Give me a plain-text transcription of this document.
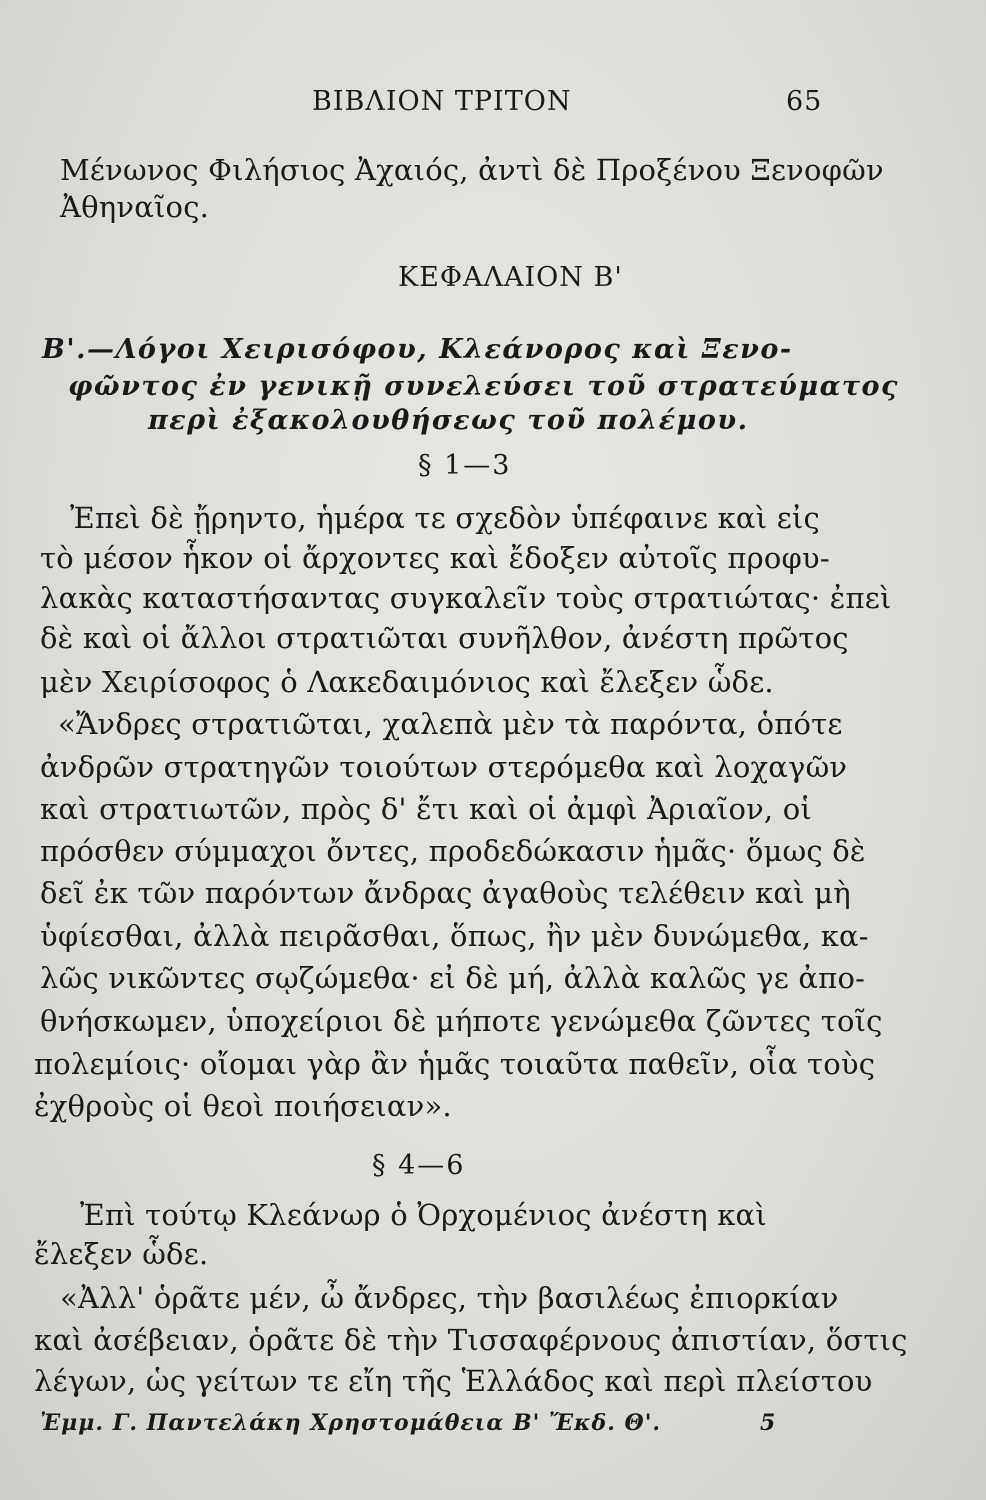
ΒΙΒΛΙΟΝ ΤΡΙΤΟΝ	65
Μένωνος Φιλήσιος Ἀχαιός, ἀντὶ δὲ Προξένου Ξενοφῶν
Ἀθηναῖος.
ΚΕΦΑΛΑΙΟΝ Β'
Β'.—Λόγοι Χειρισόφου, Κλεάνορος καὶ Ξενο-
φῶντος ἐν γενικῇ συνελεύσει τοῦ στρατεύματος
περὶ ἐξακολουθήσεως τοῦ πολέμου.
§ 1—3
Ἐπεὶ δὲ ᾔρηντο, ἡμέρα τε σχεδὸν ὑπέφαινε καὶ εἰς
τὸ μέσον ἧκον οἱ ἄρχοντες καὶ ἔδοξεν αὐτοῖς προφυ-
λακὰς καταστήσαντας συγκαλεῖν τοὺς στρατιώτας· ἐπεὶ
δὲ καὶ οἱ ἄλλοι στρατιῶται συνῆλθον, ἀνέστη πρῶτος
μὲν Χειρίσοφος ὁ Λακεδαιμόνιος καὶ ἔλεξεν ὧδε.
«Ἄνδρες στρατιῶται, χαλεπὰ μὲν τὰ παρόντα, ὁπότε
ἀνδρῶν στρατηγῶν τοιούτων στερόμεθα καὶ λοχαγῶν
καὶ στρατιωτῶν, πρὸς δ' ἔτι καὶ οἱ ἀμφὶ Ἀριαῖον, οἱ
πρόσθεν σύμμαχοι ὄντες, προδεδώκασιν ἡμᾶς· ὅμως δὲ
δεῖ ἐκ τῶν παρόντων ἄνδρας ἀγαθοὺς τελέθειν καὶ μὴ
ὑφίεσθαι, ἀλλὰ πειρᾶσθαι, ὅπως, ἢν μὲν δυνώμεθα, κα-
λῶς νικῶντες σῳζώμεθα· εἰ δὲ μή, ἀλλὰ καλῶς γε ἀπο-
θνήσκωμεν, ὑποχείριοι δὲ μήποτε γενώμεθα ζῶντες τοῖς
πολεμίοις· οἴομαι γὰρ ἂν ἡμᾶς τοιαῦτα παθεῖν, οἷα τοὺς
ἐχθροὺς οἱ θεοὶ ποιήσειαν».
§ 4—6
Ἐπὶ τούτῳ Κλεάνωρ ὁ Ὀρχομένιος ἀνέστη καὶ
ἔλεξεν ὧδε.
«Ἀλλ' ὁρᾶτε μέν, ὦ ἄνδρες, τὴν βασιλέως ἐπιορκίαν
καὶ ἀσέβειαν, ὁρᾶτε δὲ τὴν Τισσαφέρνους ἀπιστίαν, ὅστις
λέγων, ὡς γείτων τε εἴη τῆς Ἑλλάδος καὶ περὶ πλείστου
Ἐμμ. Γ. Παντελάκη Χρηστομάθεια Β' Ἔκδ. Θ'.	5
